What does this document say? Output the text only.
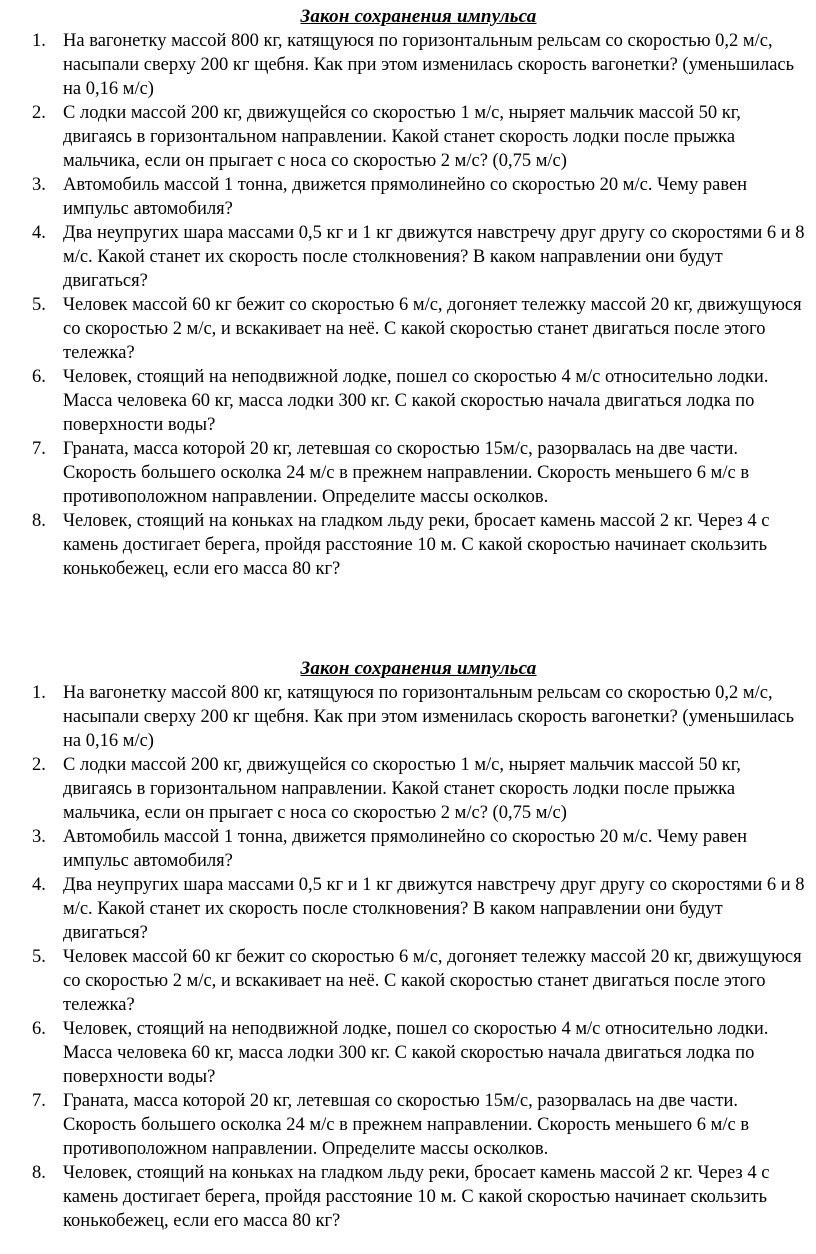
Закон сохранения импульса
1. На вагонетку массой 800 кг, катящуюся по горизонтальным рельсам со скоростью 0,2 м/с, насыпали сверху 200 кг щебня. Как при этом изменилась скорость вагонетки? (уменьшилась на 0,16 м/с)
2. С лодки массой 200 кг, движущейся со скоростью 1 м/с, ныряет мальчик массой 50 кг, двигаясь в горизонтальном направлении. Какой станет скорость лодки после прыжка мальчика, если он прыгает с носа со скоростью 2 м/с? (0,75 м/с)
3. Автомобиль массой 1 тонна, движется прямолинейно со скоростью 20 м/с. Чему равен импульс автомобиля?
4. Два неупругих шара массами 0,5 кг и 1 кг движутся навстречу друг другу со скоростями 6 и 8 м/с. Какой станет их скорость после столкновения? В каком направлении они будут двигаться?
5. Человек массой 60 кг бежит со скоростью 6 м/с, догоняет тележку массой 20 кг, движущуюся со скоростью 2 м/с, и вскакивает на неё. С какой скоростью станет двигаться после этого тележка?
6. Человек, стоящий на неподвижной лодке, пошел со скоростью 4 м/с относительно лодки. Масса человека 60 кг, масса лодки 300 кг. С какой скоростью начала двигаться лодка по поверхности воды?
7. Граната, масса которой 20 кг, летевшая со скоростью 15м/с, разорвалась на две части. Скорость большего осколка 24 м/с в прежнем направлении. Скорость меньшего 6 м/с в противоположном направлении. Определите массы осколков.
8. Человек, стоящий на коньках на гладком льду реки, бросает камень массой 2 кг. Через 4 с камень достигает берега, пройдя расстояние 10 м. С какой скоростью начинает скользить конькобежец, если его масса 80 кг?
Закон сохранения импульса
1. На вагонетку массой 800 кг, катящуюся по горизонтальным рельсам со скоростью 0,2 м/с, насыпали сверху 200 кг щебня. Как при этом изменилась скорость вагонетки? (уменьшилась на 0,16 м/с)
2. С лодки массой 200 кг, движущейся со скоростью 1 м/с, ныряет мальчик массой 50 кг, двигаясь в горизонтальном направлении. Какой станет скорость лодки после прыжка мальчика, если он прыгает с носа со скоростью 2 м/с? (0,75 м/с)
3. Автомобиль массой 1 тонна, движется прямолинейно со скоростью 20 м/с. Чему равен импульс автомобиля?
4. Два неупругих шара массами 0,5 кг и 1 кг движутся навстречу друг другу со скоростями 6 и 8 м/с. Какой станет их скорость после столкновения? В каком направлении они будут двигаться?
5. Человек массой 60 кг бежит со скоростью 6 м/с, догоняет тележку массой 20 кг, движущуюся со скоростью 2 м/с, и вскакивает на неё. С какой скоростью станет двигаться после этого тележка?
6. Человек, стоящий на неподвижной лодке, пошел со скоростью 4 м/с относительно лодки. Масса человека 60 кг, масса лодки 300 кг. С какой скоростью начала двигаться лодка по поверхности воды?
7. Граната, масса которой 20 кг, летевшая со скоростью 15м/с, разорвалась на две части. Скорость большего осколка 24 м/с в прежнем направлении. Скорость меньшего 6 м/с в противоположном направлении. Определите массы осколков.
8. Человек, стоящий на коньках на гладком льду реки, бросает камень массой 2 кг. Через 4 с камень достигает берега, пройдя расстояние 10 м. С какой скоростью начинает скользить конькобежец, если его масса 80 кг?
